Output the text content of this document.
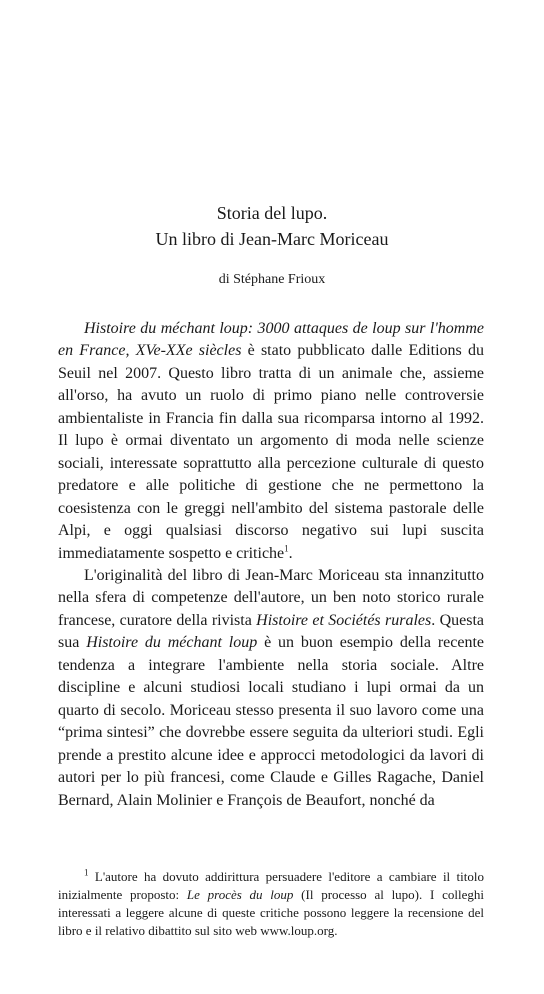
Storia del lupo.

Un libro di Jean-Marc Moriceau

di Stéphane Frioux

Histoire du méchant loup: 3000 attaques de loup sur l'homme en France, XVe-XXe siècles è stato pubblicato dalle Editions du Seuil nel 2007. Questo libro tratta di un animale che, assieme all'orso, ha avuto un ruolo di primo piano nelle controversie ambientaliste in Francia fin dalla sua ricomparsa intorno al 1992. Il lupo è ormai diventato un argomento di moda nelle scienze sociali, interessate soprattutto alla percezione culturale di questo predatore e alle politiche di gestione che ne permettono la coesistenza con le greggi nell'ambito del sistema pastorale delle Alpi, e oggi qualsiasi discorso negativo sui lupi suscita immediatamente sospetto e critiche$^1$.

L'originalità del libro di Jean-Marc Moriceau sta innanzitutto nella sfera di competenze dell'autore, un ben noto storico rurale francese, curatore della rivista Histoire et Sociétés rurales. Questa sua Histoire du méchant loup è un buon esempio della recente tendenza a integrare l'ambiente nella storia sociale. Altre discipline e alcuni studiosi locali studiano i lupi ormai da un quarto di secolo. Moriceau stesso presenta il suo lavoro come una “prima sintesi” che dovrebbe essere seguita da ulteriori studi. Egli prende a prestito alcune idee e approcci metodologici da lavori di autori per lo più francesi, come Claude e Gilles Ragache, Daniel Bernard, Alain Molinier e François de Beaufort, nonché da

$^1$ L'autore ha dovuto addirittura persuadere l'editore a cambiare il titolo inizialmente proposto: Le procès du loup (Il processo al lupo). I colleghi interessati a leggere alcune di queste critiche possono leggere la recensione del libro e il relativo dibattito sul sito web www.loup.org.
